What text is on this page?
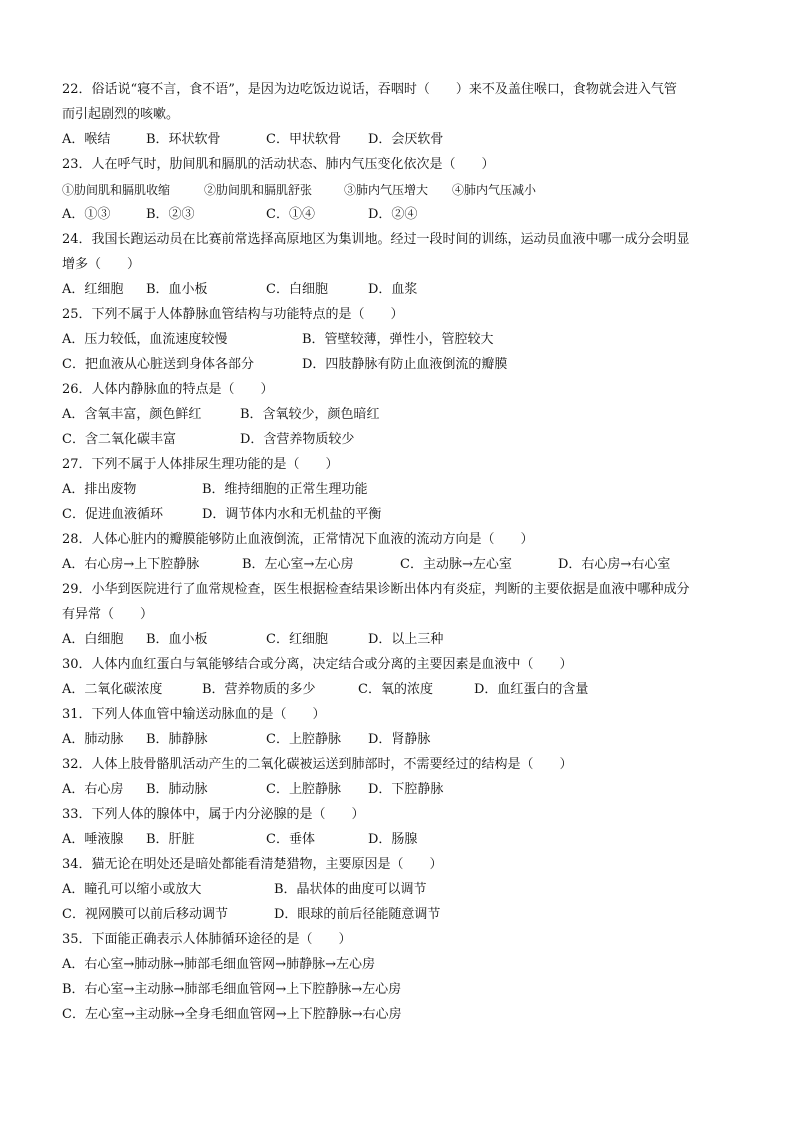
22．俗话说“寝不言，食不语”，是因为边吃饭边说话，吞咽时（　　）来不及盖住喉口，食物就会进入气管
而引起剧烈的咳嗽。
A．喉结	B．环状软骨	C．甲状软骨 D．会厌软骨
23．人在呼气时，肋间肌和膈肌的活动状态、肺内气压变化依次是（　　）
①肋间肌和膈肌收缩	②肋间肌和膈肌舒张	③肺内气压增大 ④肺内气压减小
A．①③	B．②③	C．①④	D．②④
24．我国长跑运动员在比赛前常选择高原地区为集训地。经过一段时间的训练，运动员血液中哪一成分会明显
增多（　　）
A．红细胞 B．血小板	C．白细胞	D．血浆
25．下列不属于人体静脉血管结构与功能特点的是（　　）
A．压力较低，血流速度较慢	B．管壁较薄，弹性小，管腔较大
C．把血液从心脏送到身体各部分	D．四肢静脉有防止血液倒流的瓣膜
26．人体内静脉血的特点是（　　）
A．含氧丰富，颜色鲜红	B．含氧较少，颜色暗红
C．含二氧化碳丰富	D．含营养物质较少
27．下列不属于人体排尿生理功能的是（　　）
A．排出废物	B．维持细胞的正常生理功能
C．促进血液循环	D．调节体内水和无机盐的平衡
28．人体心脏内的瓣膜能够防止血液倒流，正常情况下血液的流动方向是（　　）
A．右心房→上下腔静脉	B．左心室→左心房	C．主动脉→左心室	D．右心房→右心室
29．小华到医院进行了血常规检查，医生根据检查结果诊断出体内有炎症，判断的主要依据是血液中哪种成分
有异常（　　）
A．白细胞 B．血小板	C．红细胞	D．以上三种
30．人体内血红蛋白与氧能够结合或分离，决定结合或分离的主要因素是血液中（　　）
A．二氧化碳浓度	B．营养物质的多少	C．氧的浓度	D．血红蛋白的含量
31．下列人体血管中输送动脉血的是（　　）
A．肺动脉 B．肺静脉	C．上腔静脉 D．肾静脉
32．人体上肢骨骼肌活动产生的二氧化碳被运送到肺部时，不需要经过的结构是（　　）
A．右心房 B．肺动脉	C．上腔静脉 D．下腔静脉
33．下列人体的腺体中，属于内分泌腺的是（　　）
A．唾液腺 B．肝脏	C．垂体	D．肠腺
34．猫无论在明处还是暗处都能看清楚猎物，主要原因是（　　）
A．瞳孔可以缩小或放大	B．晶状体的曲度可以调节
C．视网膜可以前后移动调节	D．眼球的前后径能随意调节
35．下面能正确表示人体肺循环途径的是（　　）
A．右心室→肺动脉→肺部毛细血管网→肺静脉→左心房
B．右心室→主动脉→肺部毛细血管网→上下腔静脉→左心房
C．左心室→主动脉→全身毛细血管网→上下腔静脉→右心房
